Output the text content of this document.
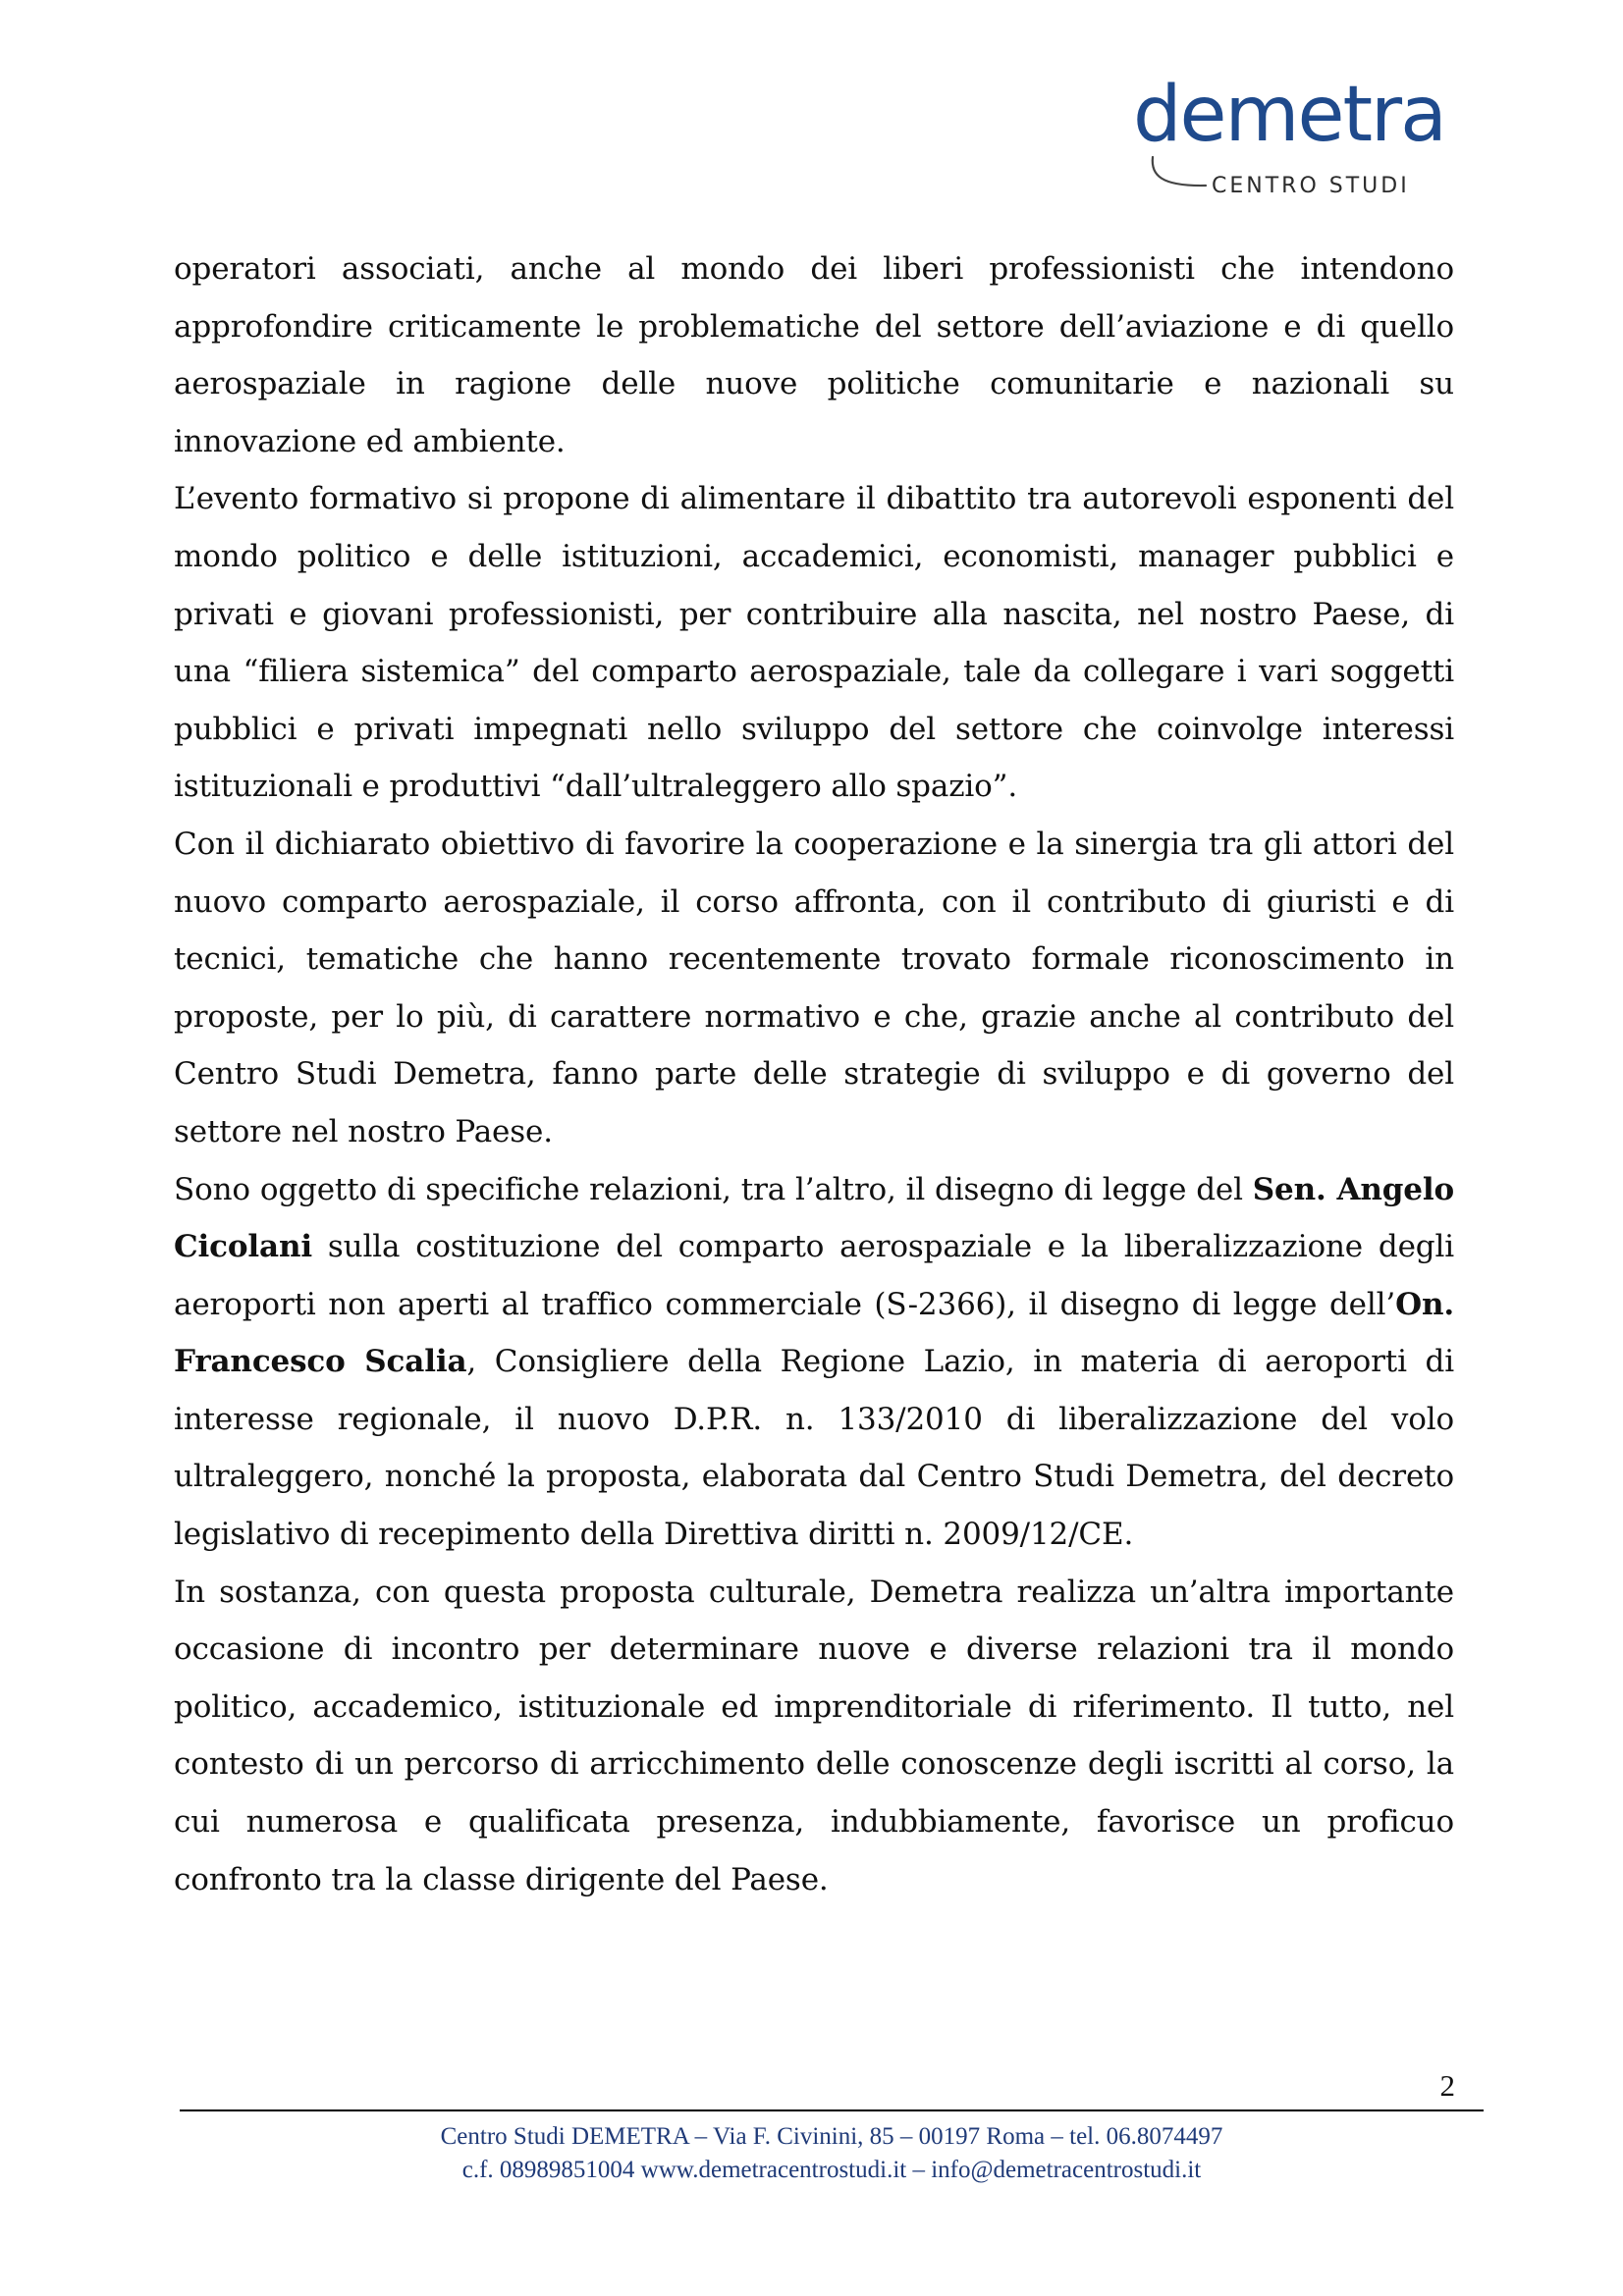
demetra
CENTRO STUDI

operatori associati, anche al mondo dei liberi professionisti che intendono approfondire criticamente le problematiche del settore dell’aviazione e di quello aerospaziale in ragione delle nuove politiche comunitarie e nazionali su innovazione ed ambiente.

L’evento formativo si propone di alimentare il dibattito tra autorevoli esponenti del mondo politico e delle istituzioni, accademici, economisti, manager pubblici e privati e giovani professionisti, per contribuire alla nascita, nel nostro Paese, di una “filiera sistemica” del comparto aerospaziale, tale da collegare i vari soggetti pubblici e privati impegnati nello sviluppo del settore che coinvolge interessi istituzionali e produttivi “dall’ultraleggero allo spazio”.

Con il dichiarato obiettivo di favorire la cooperazione e la sinergia tra gli attori del nuovo comparto aerospaziale, il corso affronta, con il contributo di giuristi e di tecnici, tematiche che hanno recentemente trovato formale riconoscimento in proposte, per lo più, di carattere normativo e che, grazie anche al contributo del Centro Studi Demetra, fanno parte delle strategie di sviluppo e di governo del settore nel nostro Paese.

Sono oggetto di specifiche relazioni, tra l’altro, il disegno di legge del Sen. Angelo Cicolani sulla costituzione del comparto aerospaziale e la liberalizzazione degli aeroporti non aperti al traffico commerciale (S-2366), il disegno di legge dell’On. Francesco Scalia, Consigliere della Regione Lazio, in materia di aeroporti di interesse regionale, il nuovo D.P.R. n. 133/2010 di liberalizzazione del volo ultraleggero, nonché la proposta, elaborata dal Centro Studi Demetra, del decreto legislativo di recepimento della Direttiva diritti n. 2009/12/CE.

In sostanza, con questa proposta culturale, Demetra realizza un’altra importante occasione di incontro per determinare nuove e diverse relazioni tra il mondo politico, accademico, istituzionale ed imprenditoriale di riferimento. Il tutto, nel contesto di un percorso di arricchimento delle conoscenze degli iscritti al corso, la cui numerosa e qualificata presenza, indubbiamente, favorisce un proficuo confronto tra la classe dirigente del Paese.

2
Centro Studi DEMETRA – Via F. Civinini, 85 – 00197 Roma – tel. 06.8074497
c.f. 08989851004 www.demetracentrostudi.it – info@demetracentrostudi.it
